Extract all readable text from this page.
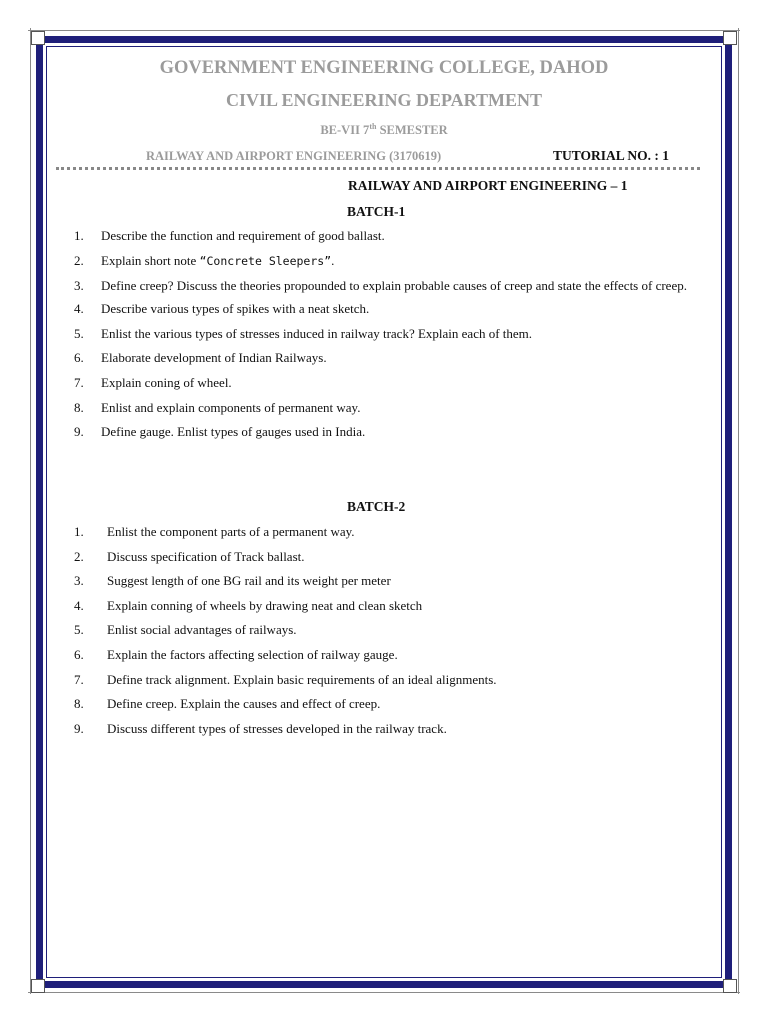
GOVERNMENT ENGINEERING COLLEGE, DAHOD
CIVIL ENGINEERING DEPARTMENT
BE-VII 7th SEMESTER
RAILWAY AND AIRPORT ENGINEERING (3170619)	TUTORIAL NO. : 1
RAILWAY AND AIRPORT ENGINEERING – 1
BATCH-1
1. Describe the function and requirement of good ballast.
2. Explain short note “Concrete Sleepers”.
3. Define creep? Discuss the theories propounded to explain probable causes of creep and state the effects of creep.
4. Describe various types of spikes with a neat sketch.
5. Enlist the various types of stresses induced in railway track? Explain each of them.
6. Elaborate development of Indian Railways.
7. Explain coning of wheel.
8. Enlist and explain components of permanent way.
9. Define gauge. Enlist types of gauges used in India.
BATCH-2
1. Enlist the component parts of a permanent way.
2. Discuss specification of Track ballast.
3. Suggest length of one BG rail and its weight per meter
4. Explain conning of wheels by drawing neat and clean sketch
5. Enlist social advantages of railways.
6. Explain the factors affecting selection of railway gauge.
7. Define track alignment. Explain basic requirements of an ideal alignments.
8. Define creep. Explain the causes and effect of creep.
9. Discuss different types of stresses developed in the railway track.
